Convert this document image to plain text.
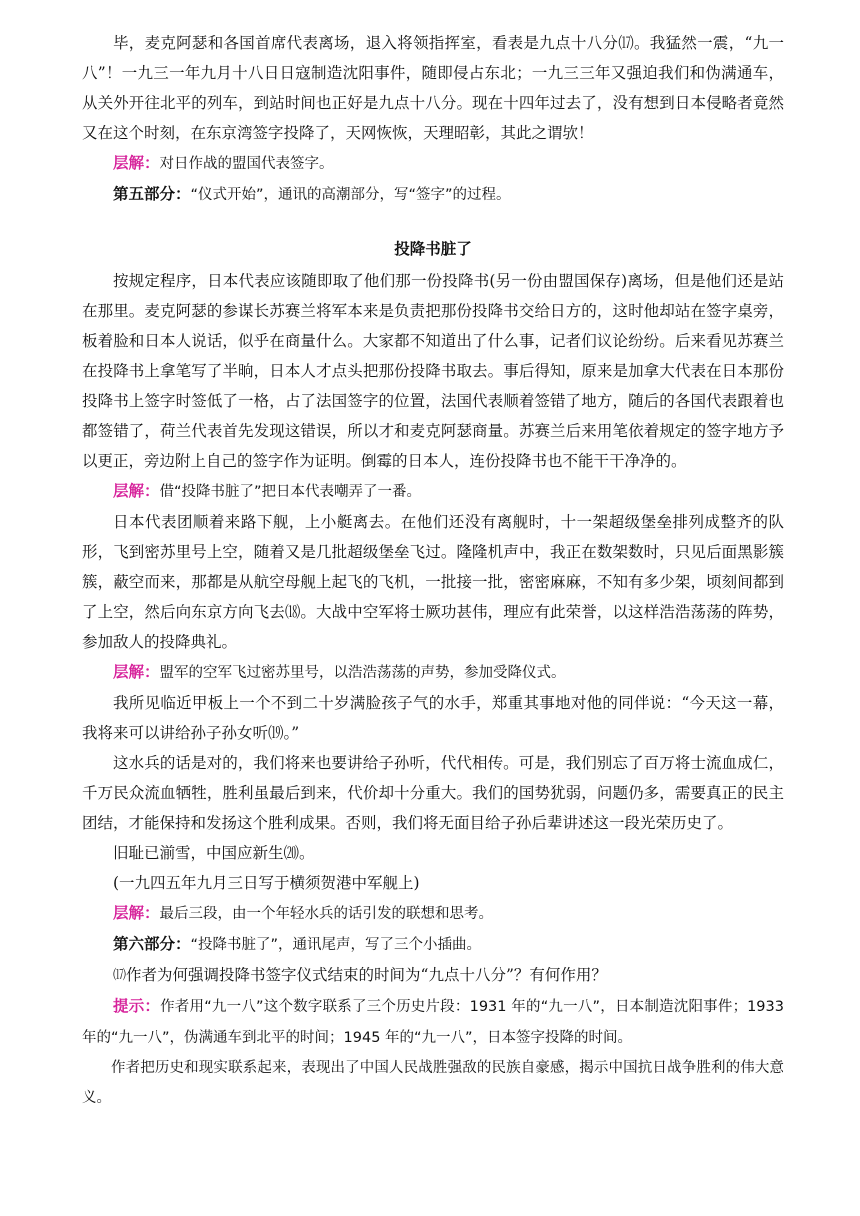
毕，麦克阿瑟和各国首席代表离场，退入将领指挥室，看表是九点十八分⒄。我猛然一震，“九一八”！一九三一年九月十八日日寇制造沈阳事件，随即侵占东北；一九三三年又强迫我们和伪满通车，从关外开往北平的列车，到站时间也正好是九点十八分。现在十四年过去了，没有想到日本侵略者竟然又在这个时刻，在东京湾签字投降了，天网恢恢，天理昭彰，其此之谓欤！

层解：对日作战的盟国代表签字。

第五部分：“仪式开始”，通讯的高潮部分，写“签字”的过程。

投降书脏了

按规定程序，日本代表应该随即取了他们那一份投降书(另一份由盟国保存)离场，但是他们还是站在那里。麦克阿瑟的参谋长苏赛兰将军本来是负责把那份投降书交给日方的，这时他却站在签字桌旁，板着脸和日本人说话，似乎在商量什么。大家都不知道出了什么事，记者们议论纷纷。后来看见苏赛兰在投降书上拿笔写了半晌，日本人才点头把那份投降书取去。事后得知，原来是加拿大代表在日本那份投降书上签字时签低了一格，占了法国签字的位置，法国代表顺着签错了地方，随后的各国代表跟着也都签错了，荷兰代表首先发现这错误，所以才和麦克阿瑟商量。苏赛兰后来用笔依着规定的签字地方予以更正，旁边附上自己的签字作为证明。倒霉的日本人，连份投降书也不能干干净净的。

层解：借“投降书脏了”把日本代表嘲弄了一番。

日本代表团顺着来路下舰，上小艇离去。在他们还没有离舰时，十一架超级堡垒排列成整齐的队形，飞到密苏里号上空，随着又是几批超级堡垒飞过。隆隆机声中，我正在数架数时，只见后面黑影簇簇，蔽空而来，那都是从航空母舰上起飞的飞机，一批接一批，密密麻麻，不知有多少架，顷刻间都到了上空，然后向东京方向飞去⒅。大战中空军将士厥功甚伟，理应有此荣誉，以这样浩浩荡荡的阵势，参加敌人的投降典礼。

层解：盟军的空军飞过密苏里号，以浩浩荡荡的声势，参加受降仪式。

我所见临近甲板上一个不到二十岁满脸孩子气的水手，郑重其事地对他的同伴说：“今天这一幕，我将来可以讲给孙子孙女听⒆。”

这水兵的话是对的，我们将来也要讲给子孙听，代代相传。可是，我们别忘了百万将士流血成仁，千万民众流血牺牲，胜利虽最后到来，代价却十分重大。我们的国势犹弱，问题仍多，需要真正的民主团结，才能保持和发扬这个胜利成果。否则，我们将无面目给子孙后辈讲述这一段光荣历史了。

旧耻已湔雪，中国应新生⒇。

(一九四五年九月三日写于横须贺港中军舰上)

层解：最后三段，由一个年轻水兵的话引发的联想和思考。

第六部分：“投降书脏了”，通讯尾声，写了三个小插曲。

⒄作者为何强调投降书签字仪式结束的时间为“九点十八分”？有何作用？

提示：作者用“九一八”这个数字联系了三个历史片段：1931 年的“九一八”，日本制造沈阳事件；1933 年的“九一八”，伪满通车到北平的时间；1945 年的“九一八”，日本签字投降的时间。

作者把历史和现实联系起来，表现出了中国人民战胜强敌的民族自豪感，揭示中国抗日战争胜利的伟大意义。
